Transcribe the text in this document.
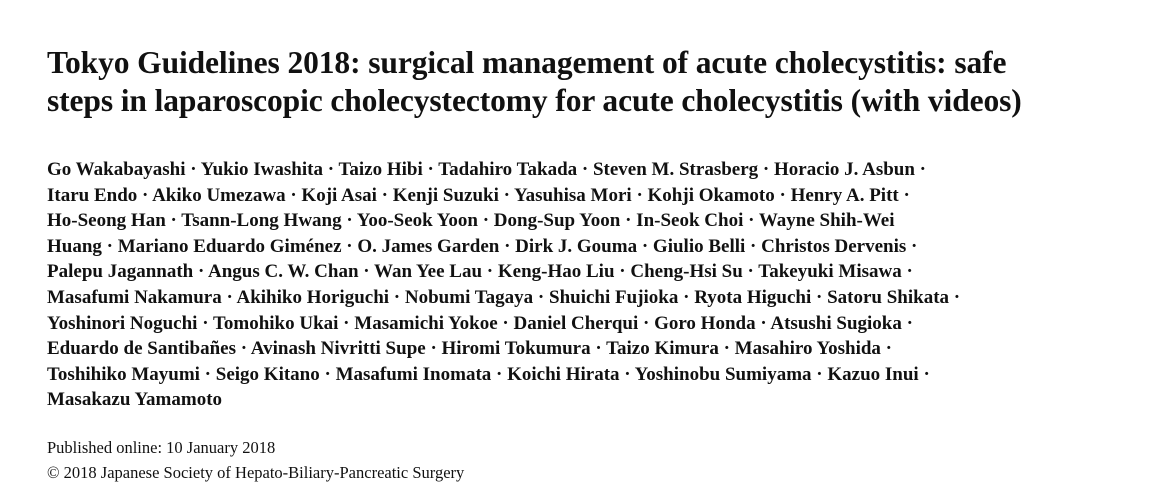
Tokyo Guidelines 2018: surgical management of acute cholecystitis: safe
steps in laparoscopic cholecystectomy for acute cholecystitis (with videos)
Go Wakabayashi · Yukio Iwashita · Taizo Hibi · Tadahiro Takada · Steven M. Strasberg · Horacio J. Asbun ·
Itaru Endo · Akiko Umezawa · Koji Asai · Kenji Suzuki · Yasuhisa Mori · Kohji Okamoto · Henry A. Pitt ·
Ho-Seong Han · Tsann-Long Hwang · Yoo-Seok Yoon · Dong-Sup Yoon · In-Seok Choi · Wayne Shih-Wei
Huang · Mariano Eduardo Giménez · O. James Garden · Dirk J. Gouma · Giulio Belli · Christos Dervenis ·
Palepu Jagannath · Angus C. W. Chan · Wan Yee Lau · Keng-Hao Liu · Cheng-Hsi Su · Takeyuki Misawa ·
Masafumi Nakamura · Akihiko Horiguchi · Nobumi Tagaya · Shuichi Fujioka · Ryota Higuchi · Satoru Shikata ·
Yoshinori Noguchi · Tomohiko Ukai · Masamichi Yokoe · Daniel Cherqui · Goro Honda · Atsushi Sugioka ·
Eduardo de Santibañes · Avinash Nivritti Supe · Hiromi Tokumura · Taizo Kimura · Masahiro Yoshida ·
Toshihiko Mayumi · Seigo Kitano · Masafumi Inomata · Koichi Hirata · Yoshinobu Sumiyama · Kazuo Inui ·
Masakazu Yamamoto
Published online: 10 January 2018
© 2018 Japanese Society of Hepato-Biliary-Pancreatic Surgery
